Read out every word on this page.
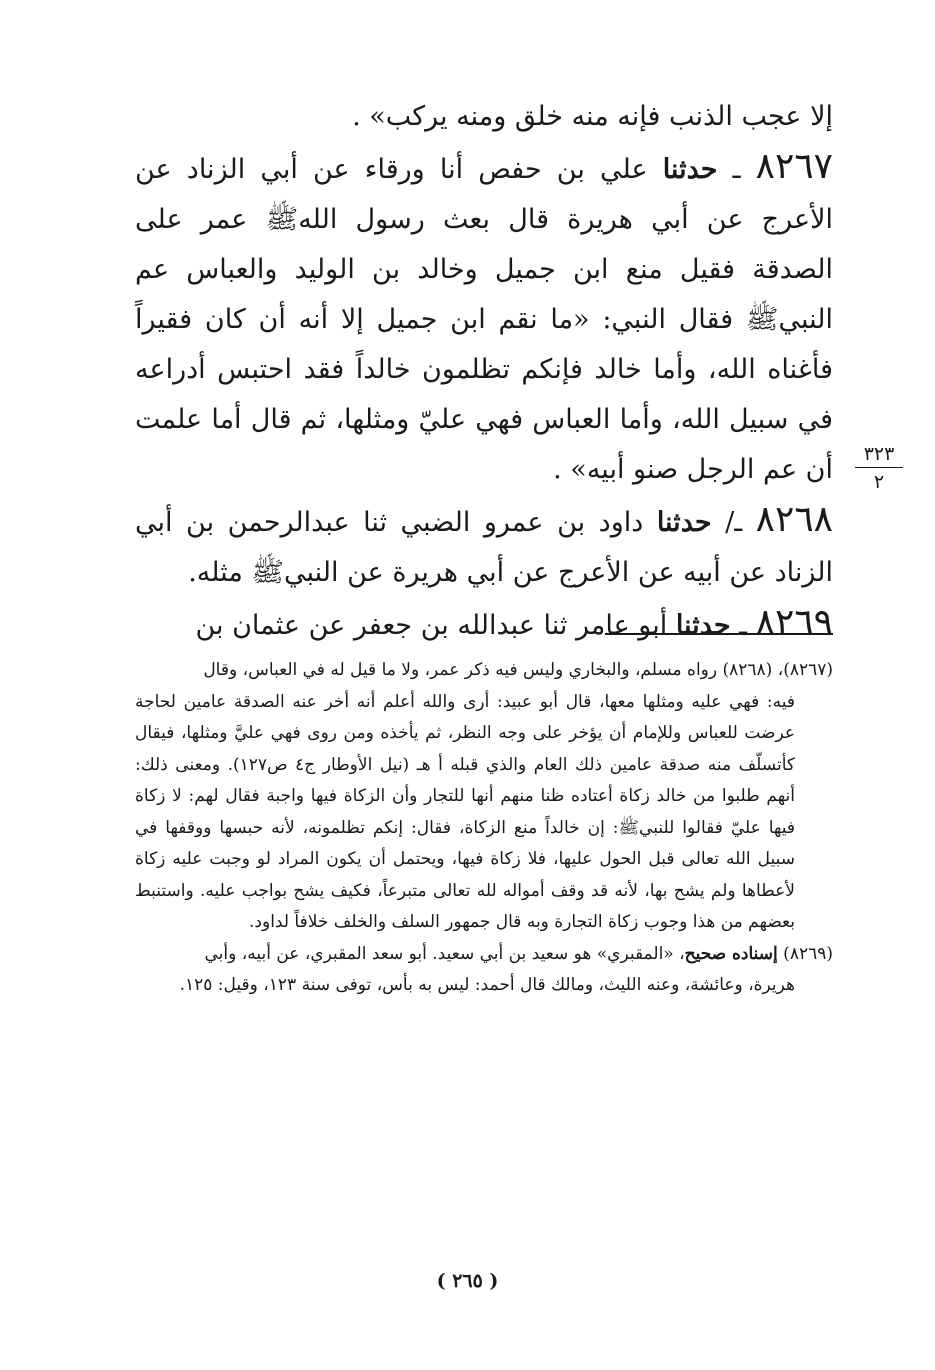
إلا عجب الذنب فإنه منه خلق ومنه يركب» .

٨٢٦٧ ـ حدثنا علي بن حفص أنا ورقاء عن أبي الزناد عن الأعرج عن أبي هريرة قال بعث رسول اللهﷺ عمر على الصدقة فقيل منع ابن جميل وخالد بن الوليد والعباس عم النبيﷺ فقال النبي: «ما نقم ابن جميل إلا أنه أن كان فقيراً فأغناه الله، وأما خالد فإنكم تظلمون خالداً فقد احتبس أدراعه في سبيل الله، وأما العباس فهي عليّ ومثلها، ثم قال أما علمت أن عم الرجل صنو أبيه» .

٨٢٦٨ ـ/ حدثنا داود بن عمرو الضبي ثنا عبدالرحمن بن أبي الزناد عن أبيه عن الأعرج عن أبي هريرة عن النبيﷺ مثله.

٨٢٦٩ ـ حدثنا أبو عامر ثنا عبدالله بن جعفر عن عثمان بن

٣٢٣
٢

(٨٢٦٧)، (٨٢٦٨) رواه مسلم، والبخاري وليس فيه ذكر عمر، ولا ما قيل له في العباس، وقال

فيه: فهي عليه ومثلها معها، قال أبو عبيد: أرى والله أعلم أنه أخر عنه الصدقة عامين لحاجة عرضت للعباس وللإمام أن يؤخر على وجه النظر، ثم يأخذه ومن روى فهي عليَّ ومثلها، فيقال كأتسلّف منه صدقة عامين ذلك العام والذي قبله أ هـ (نيل الأوطار ج٤ ص١٢٧). ومعنى ذلك: أنهم طلبوا من خالد زكاة أعتاده ظنا منهم أنها للتجار وأن الزكاة فيها واجبة فقال لهم: لا زكاة فيها عليّ فقالوا للنبيﷺ: إن خالداً منع الزكاة، فقال: إنكم تظلمونه، لأنه حبسها ووقفها في سبيل الله تعالى قبل الحول عليها، فلا زكاة فيها، ويحتمل أن يكون المراد لو وجبت عليه زكاة لأعطاها ولم يشح بها، لأنه قد وقف أمواله لله تعالى متبرعاً، فكيف يشح بواجب عليه. واستنبط بعضهم من هذا وجوب زكاة التجارة وبه قال جمهور السلف والخلف خلافاً لداود.

(٨٢٦٩) إسناده صحيح، «المقبري» هو سعيد بن أبي سعيد. أبو سعد المقبري، عن أبيه، وأبي

هريرة، وعائشة، وعنه الليث، ومالك قال أحمد: ليس به بأس، توفى سنة ١٢٣، وقيل: ١٢٥.

( ٢٦٥ )
